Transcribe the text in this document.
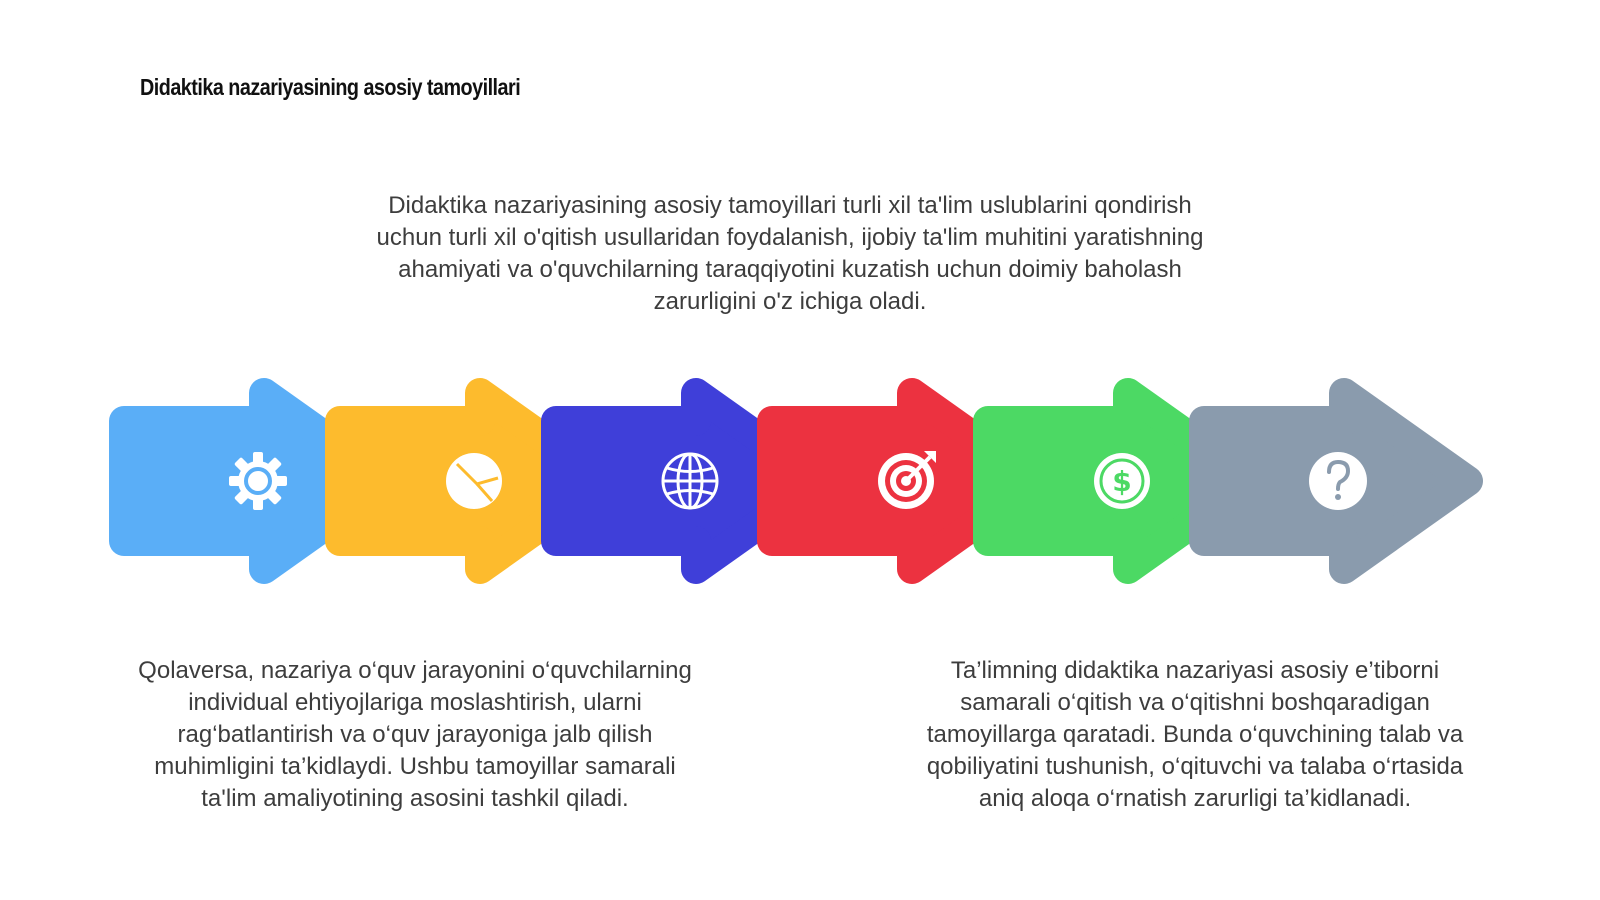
Didaktika nazariyasining asosiy tamoyillari

Didaktika nazariyasining asosiy tamoyillari turli xil ta'lim uslublarini qondirish uchun turli xil o'qitish usullaridan foydalanish, ijobiy ta'lim muhitini yaratishning ahamiyati va o'quvchilarning taraqqiyotini kuzatish uchun doimiy baholash zarurligini o'z ichiga oladi.

$

Qolaversa, nazariya o‘quv jarayonini o‘quvchilarning individual ehtiyojlariga moslashtirish, ularni rag‘batlantirish va o‘quv jarayoniga jalb qilish muhimligini ta’kidlaydi. Ushbu tamoyillar samarali ta'lim amaliyotining asosini tashkil qiladi.

Ta’limning didaktika nazariyasi asosiy e’tiborni samarali o‘qitish va o‘qitishni boshqaradigan tamoyillarga qaratadi. Bunda o‘quvchining talab va qobiliyatini tushunish, o‘qituvchi va talaba o‘rtasida aniq aloqa o‘rnatish zarurligi ta’kidlanadi.
